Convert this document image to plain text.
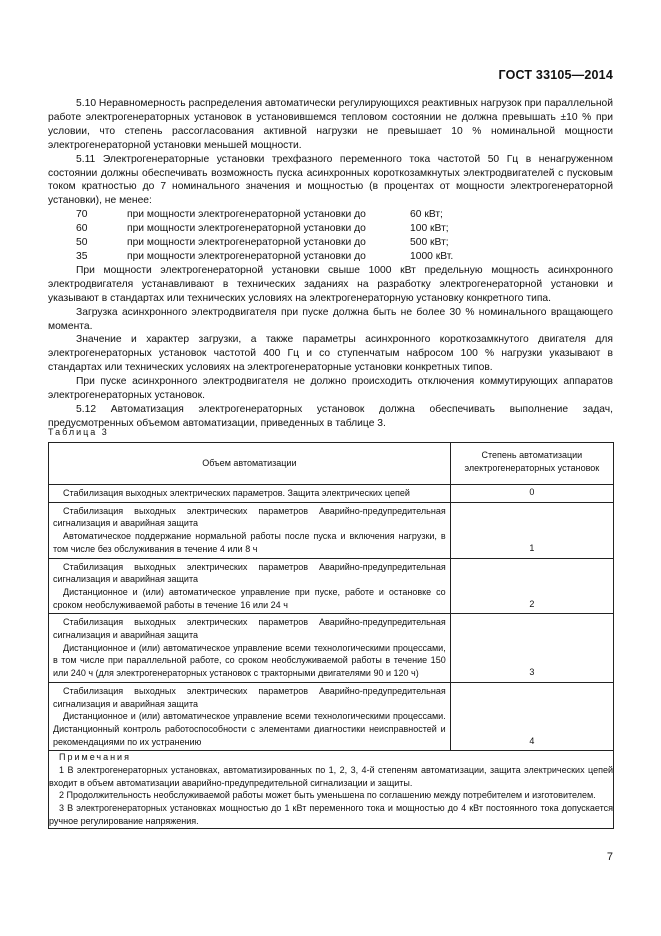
ГОСТ 33105—2014

5.10 Неравномерность распределения автоматически регулирующихся реактивных нагрузок при параллельной работе электрогенераторных установок в установившемся тепловом состоянии не должна превышать ±10 % при условии, что степень рассогласования активной нагрузки не превышает 10 % номинальной мощности электрогенераторной установки меньшей мощности.

5.11 Электрогенераторные установки трехфазного переменного тока частотой 50 Гц в ненагруженном состоянии должны обеспечивать возможность пуска асинхронных короткозамкнутых электродвигателей с пусковым током кратностью до 7 номинального значения и мощностью (в процентах от мощности электрогенераторной установки), не менее:

70	при мощности электрогенераторной установки до	60 кВт;
60	при мощности электрогенераторной установки до	100 кВт;
50	при мощности электрогенераторной установки до	500 кВт;
35	при мощности электрогенераторной установки до	1000 кВт.

При мощности электрогенераторной установки свыше 1000 кВт предельную мощность асинхронного электродвигателя устанавливают в технических заданиях на разработку электрогенераторной установки и указывают в стандартах или технических условиях на электрогенераторную установку конкретного типа.

Загрузка асинхронного электродвигателя при пуске должна быть не более 30 % номинального вращающего момента.

Значение и характер загрузки, а также параметры асинхронного короткозамкнутого двигателя для электрогенераторных установок частотой 400 Гц и со ступенчатым набросом 100 % нагрузки указывают в стандартах или технических условиях на электрогенераторные установки конкретных типов.

При пуске асинхронного электродвигателя не должно происходить отключения коммутирующих аппаратов электрогенераторных установок.

5.12 Автоматизация электрогенераторных установок должна обеспечивать выполнение задач, предусмотренных объемом автоматизации, приведенных в таблице 3.

Таблица 3
Объем автоматизации	Степень автоматизации электрогенераторных установок

Стабилизация выходных электрических параметров. Защита электрических цепей	0

Стабилизация выходных электрических параметров Аварийно-предупредительная сигнализация и аварийная защита

Автоматическое поддержание нормальной работы после пуска и включения нагрузки, в том числе без обслуживания в течение 4 или 8 ч	1

Стабилизация выходных электрических параметров Аварийно-предупредительная сигнализация и аварийная защита

Дистанционное и (или) автоматическое управление при пуске, работе и остановке со сроком необслуживаемой работы в течение 16 или 24 ч	2

Стабилизация выходных электрических параметров Аварийно-предупредительная сигнализация и аварийная защита

Дистанционное и (или) автоматическое управление всеми технологическими процессами, в том числе при параллельной работе, со сроком необслуживаемой работы в течение 150 или 240 ч (для электрогенераторных установок с тракторными двигателями 90 и 120 ч)	3

Стабилизация выходных электрических параметров Аварийно-предупредительная сигнализация и аварийная защита

Дистанционное и (или) автоматическое управление всеми технологическими процессами. Дистанционный контроль работоспособности с элементами диагностики неисправностей и рекомендациями по их устранению	4

Примечания

1 В электрогенераторных установках, автоматизированных по 1, 2, 3, 4-й степеням автоматизации, защита электрических цепей входит в объем автоматизации аварийно-предупредительной сигнализации и защиты.

2 Продолжительность необслуживаемой работы может быть уменьшена по соглашению между потребителем и изготовителем.

3 В электрогенераторных установках мощностью до 1 кВт переменного тока и мощностью до 4 кВт постоянного тока допускается ручное регулирование напряжения.	

7
